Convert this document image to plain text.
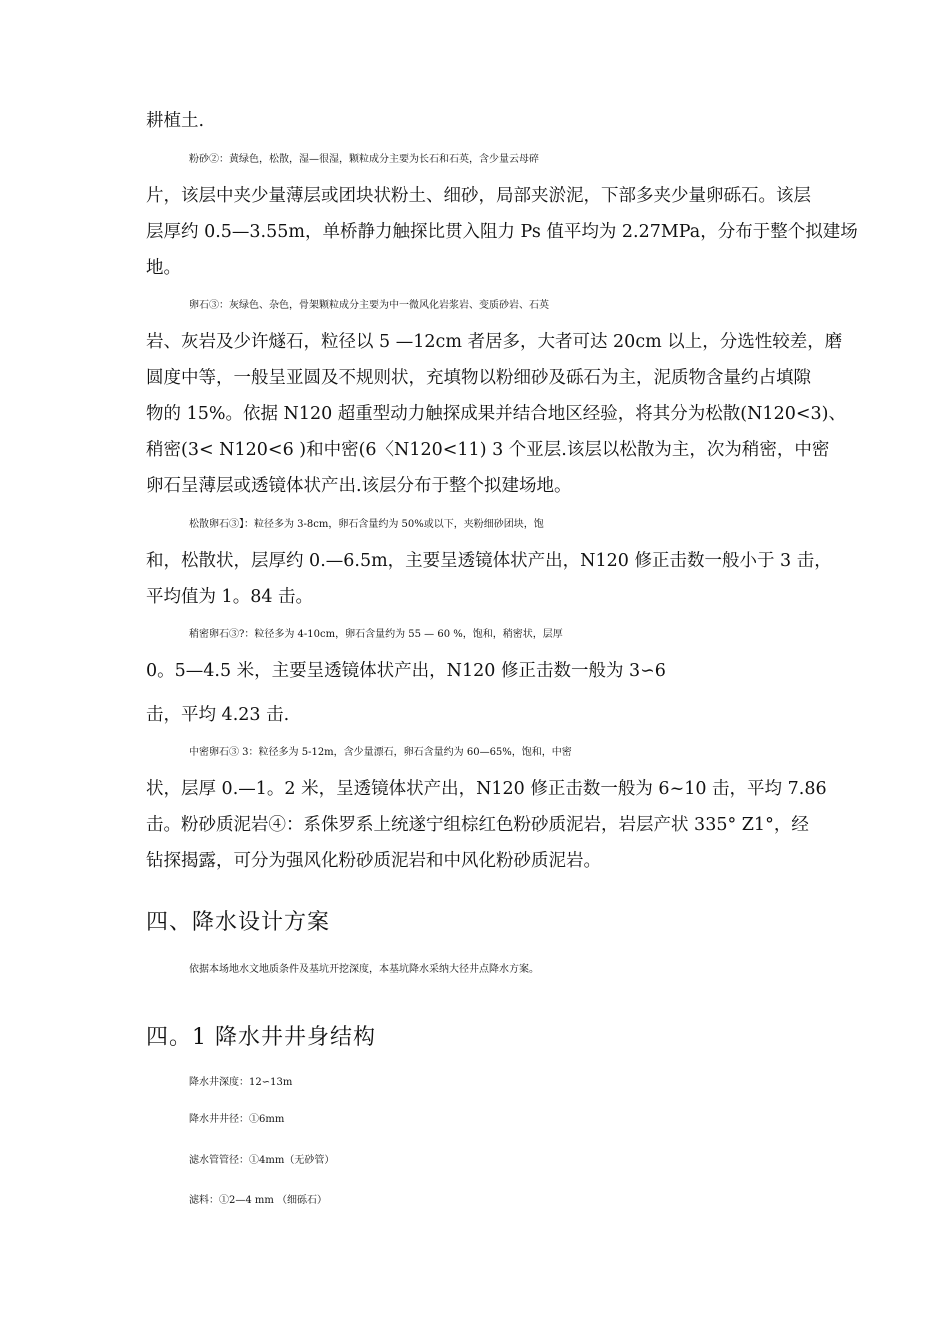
耕植土.
粉砂②：黄绿色，松散，湿—很湿，颗粒成分主要为长石和石英，含少量云母碎
片，该层中夹少量薄层或团块状粉土、细砂，局部夹淤泥，下部多夹少量卵砾石。该层
层厚约 0.5—3.55m，单桥静力触探比贯入阻力 Ps 值平均为 2.27MPa，分布于整个拟建场
地。
卵石③：灰绿色、杂色，骨架颗粒成分主要为中一微风化岩浆岩、变质砂岩、石英
岩、灰岩及少许燧石，粒径以 5 —12cm 者居多，大者可达 20cm 以上，分选性较差，磨
圆度中等，一般呈亚圆及不规则状，充填物以粉细砂及砾石为主，泥质物含量约占填隙
物的 15%。依据 N120 超重型动力触探成果并结合地区经验，将其分为松散(N120<3)、
稍密(3< N120<6 )和中密(6〈N120<11) 3 个亚层.该层以松散为主，次为稍密，中密
卵石呈薄层或透镜体状产出.该层分布于整个拟建场地。
松散卵石③】：粒径多为 3-8cm，卵石含量约为 50%或以下，夹粉细砂团块，饱
和，松散状，层厚约 0.—6.5m，主要呈透镜体状产出，N120 修正击数一般小于 3 击，
平均值为 1。84 击。
稍密卵石③?：粒径多为 4-10cm，卵石含量约为 55 — 60 %，饱和，稍密状，层厚
0。5—4.5 米，主要呈透镜体状产出，N120 修正击数一般为 3∽6
击，平均 4.23 击.
中密卵石③ 3：粒径多为 5-12m，含少量漂石，卵石含量约为 60—65%，饱和，中密
状，层厚 0.—1。2 米，呈透镜体状产出，N120 修正击数一般为 6~10 击，平均 7.86
击。粉砂质泥岩④：系侏罗系上统遂宁组棕红色粉砂质泥岩，岩层产状 335° Z1°，经
钻探揭露，可分为强风化粉砂质泥岩和中风化粉砂质泥岩。
四、降水设计方案
依据本场地水文地质条件及基坑开挖深度，本基坑降水采纳大径井点降水方案。
四。1 降水井井身结构
降水井深度：12∽13m
降水井井径：①6mm
滤水管管径：①4mm（无砂管）
滤料：①2—4 mm （细砾石）
